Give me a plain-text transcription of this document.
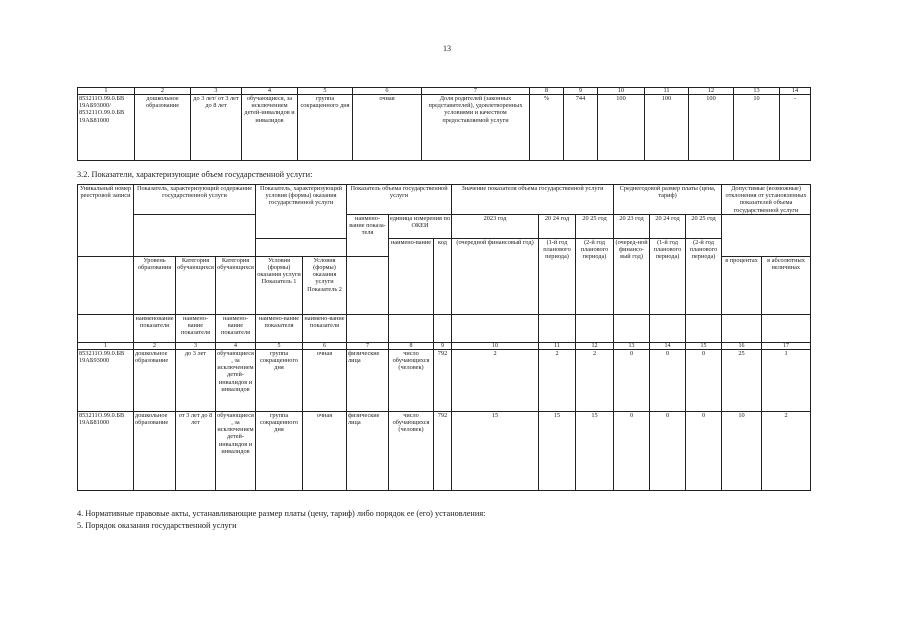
13
1	2	3	4	5	6	7	8	9	10	11	12	13	14
853211О.99.0.БВ 19АБ93000/ 853211О.99.0.БВ 19АБ81000	дошкольное образование	до 3 лет/ от 3 лет до 8 лет	обучающиеся, за исключением детей-инвалидов и инвалидов	группа сокращенного дня	очная	Доля родителей (законных представителей), удовлетворенных условиями и качеством предоставляемой услуги	%	744	100	100	100	10	-
3.2. Показатели, характеризующие объем государственной услуги:
Уникальный номер реестровой записи	Показатель, характеризующий содержание государственной услуги			Показатель, характеризующий условия (формы) оказания государственной услуги		Показатель объема государственной услуги			Значение показателя объема государственной услуги			Среднегодовой размер платы (цена, тариф)			Допустимые (возможные) отклонения от установленных показателей объема государственной услуги	
						наимено-вание показа-теля	единица измерения по ОКЕИ		2023 год	20 24 год	20 25 год	20 23 год	20 24 год	20 25 год		
							наимено-вание	код	(очередной финансовый год)	(1-й год планового периода)	(2-й год планового периода)	(очеред-ной финансо-вый год)	(1-й год планового периода)	(2-й год планового периода)		
	Уровень образования	Категория обучающихся	Категория обучающихся	Условия (формы) оказания услуги Показатель 1	Условия (формы) оказания услуги Показатель 2										в процентах	в абсолютных величинах
	наименование показателя	наимено-вание показателя	наимено-вание показателя	наимено-вание показателя	наимено-вание показателя											
1	2	3	4	5	6	7	8	9	10	11	12	13	14	15	16	17
853211О.99.0.БВ 19АБ93000	дошкольное образование	до 3 лет	обучающиеся, за исключением детей-инвалидов и инвалидов	группа сокращенного дня	очная	физические лица	число обучающихся (человек)	792	2	2	2	0	0	0	25	1
853211О.99.0.БВ 19АБ81000	дошкольное образование	от 3 лет до 8 лет	обучающиеся, за исключением детей-инвалидов и инвалидов	группа сокращенного дня	очная	физические лица	число обучающихся (человек)	792	15	15	15	0	0	0	10	2
4. Нормативные правовые акты, устанавливающие размер платы (цену, тариф) либо порядок ее (его) установления:
5. Порядок оказания государственной услуги
